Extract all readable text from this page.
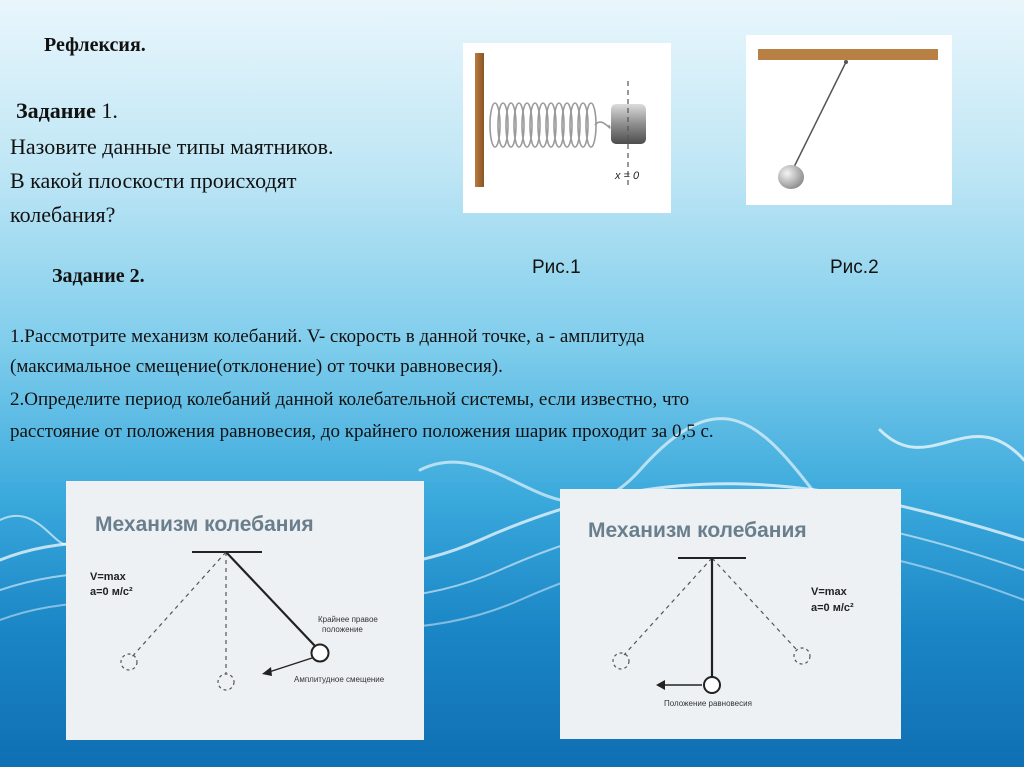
Рефлексия.
Задание 1.
Назовите данные типы маятников.
В какой плоскости происходят
колебания?
Задание 2.
1.Рассмотрите механизм колебаний. V- скорость в данной точке, а - амплитуда
(максимальное смещение(отклонение) от точки равновесия).
2.Определите период колебаний данной колебательной системы, если известно, что
расстояние от положения равновесия, до крайнего положения шарик проходит за 0,5 с.
Рис.1	Рис.2
x = 0
Механизм колебания
V=max
a=0 м/с²
Крайнее правое
положение
Амплитудное смещение
Механизм колебания
V=max
a=0 м/с²
Положение равновесия
